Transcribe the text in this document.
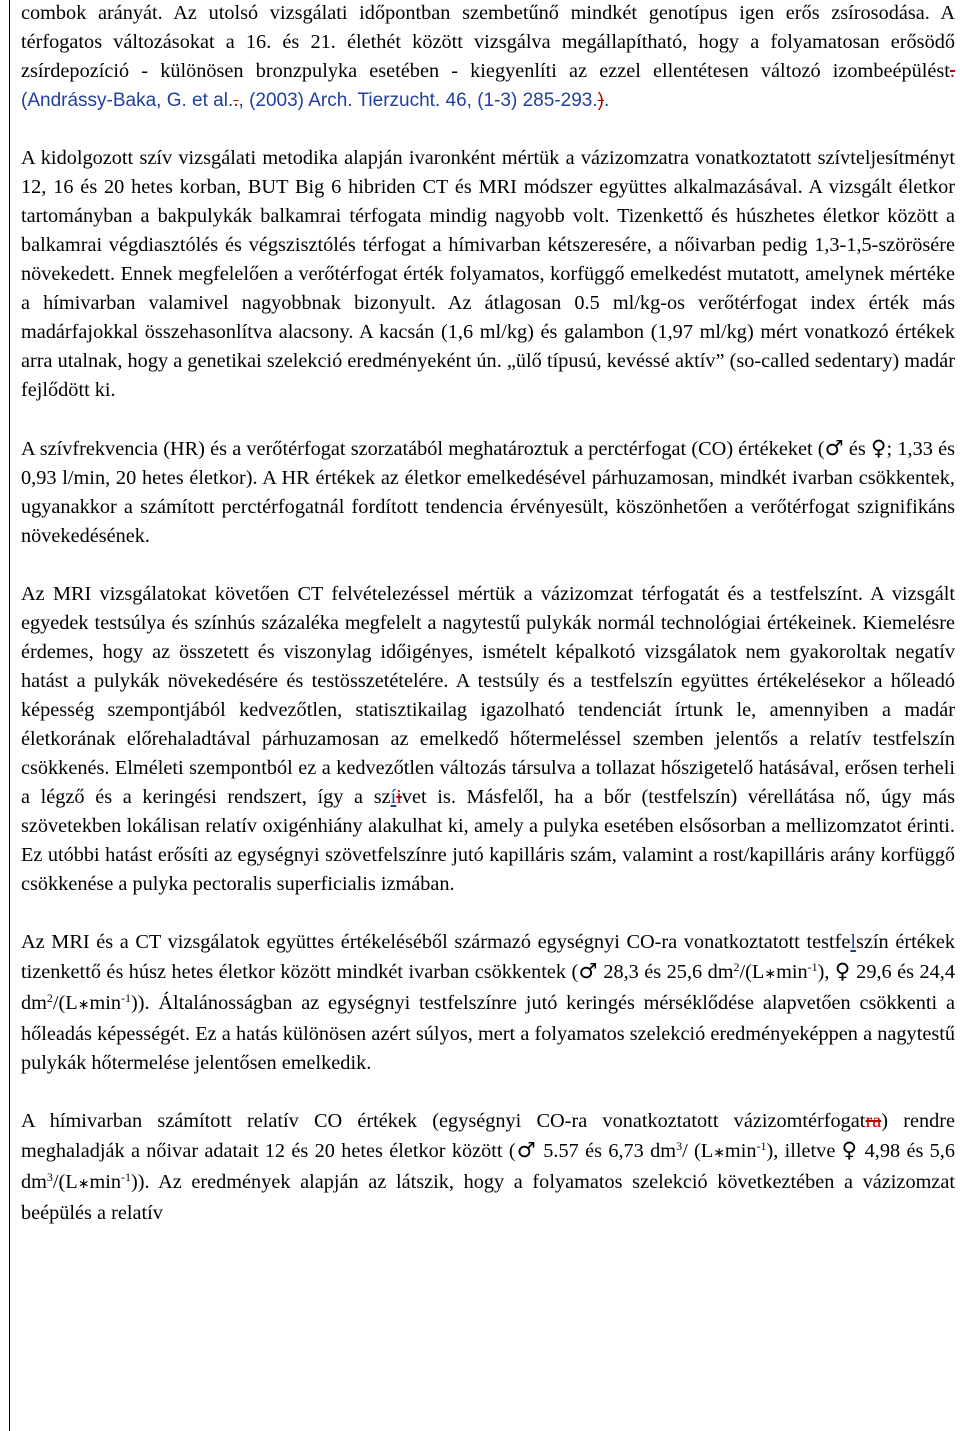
combok arányát. Az utolsó vizsgálati időpontban szembetűnő mindkét genotípus igen erős zsírosodása. A térfogatos változásokat a 16. és 21. élethét között vizsgálva megállapítható, hogy a folyamatosan erősödő zsírdepozíció - különösen bronzpulyka esetében - kiegyenlíti az ezzel ellentétesen változó izombeépülést. (Andrássy-Baka, G. et al.., (2003) Arch. Tierzucht. 46, (1-3) 285-293.).

A kidolgozott szív vizsgálati metodika alapján ivaronként mértük a vázizomzatra vonatkoztatott szívteljesítményt 12, 16 és 20 hetes korban, BUT Big 6 hibriden CT és MRI módszer együttes alkalmazásával. A vizsgált életkor tartományban a bakpulykák balkamrai térfogata mindig nagyobb volt. Tizenkettő és húszhetes életkor között a balkamrai végdiasztólés és végszisztólés térfogat a hímivarban kétszeresére, a nőivarban pedig 1,3-1,5-szörösére növekedett. Ennek megfelelően a verőtérfogat érték folyamatos, korfüggő emelkedést mutatott, amelynek mértéke a hímivarban valamivel nagyobbnak bizonyult. Az átlagosan 0.5 ml/kg-os verőtérfogat index érték más madárfajokkal összehasonlítva alacsony. A kacsán (1,6 ml/kg) és galambon (1,97 ml/kg) mért vonatkozó értékek arra utalnak, hogy a genetikai szelekció eredményeként ún. „ülő típusú, kevéssé aktív” (so-called sedentary) madár fejlődött ki.

A szívfrekvencia (HR) és a verőtérfogat szorzatából meghatároztuk a perctérfogat (CO) értékeket (♂ és ♀; 1,33 és 0,93 l/min, 20 hetes életkor). A HR értékek az életkor emelkedésével párhuzamosan, mindkét ivarban csökkentek, ugyanakkor a számított perctérfogatnál fordított tendencia érvényesült, köszönhetően a verőtérfogat szignifikáns növekedésének.

Az MRI vizsgálatokat követően CT felvételezéssel mértük a vázizomzat térfogatát és a testfelszínt. A vizsgált egyedek testsúlya és színhús százaléka megfelelt a nagytestű pulykák normál technológiai értékeinek. Kiemelésre érdemes, hogy az összetett és viszonylag időigényes, ismételt képalkotó vizsgálatok nem gyakoroltak negatív hatást a pulykák növekedésére és testösszetételére. A testsúly és a testfelszín együttes értékelésekor a hőleadó képesség szempontjából kedvezőtlen, statisztikailag igazolható tendenciát írtunk le, amennyiben a madár életkorának előrehaladtával párhuzamosan az emelkedő hőtermeléssel szemben jelentős a relatív testfelszín csökkenés. Elméleti szempontból ez a kedvezőtlen változás társulva a tollazat hőszigetelő hatásával, erősen terheli a légző és a keringési rendszert, így a szíivet is. Másfelől, ha a bőr (testfelszín) vérellátása nő, úgy más szövetekben lokálisan relatív oxigénhiány alakulhat ki, amely a pulyka esetében elsősorban a mellizomzatot érinti. Ez utóbbi hatást erősíti az egységnyi szövetfelszínre jutó kapilláris szám, valamint a rost/kapilláris arány korfüggő csökkenése a pulyka pectoralis superficialis izmában.

Az MRI és a CT vizsgálatok együttes értékeléséből származó egységnyi CO-ra vonatkoztatott testfelszín értékek tizenkettő és húsz hetes életkor között mindkét ivarban csökkentek (♂ 28,3 és 25,6 $dm^2/(L∗\min^{-1})$, ♀ 29,6 és 24,4 $dm^2/(L∗\min^{-1})$). Általánosságban az egységnyi testfelszínre jutó keringés mérséklődése alapvetően csökkenti a hőleadás képességét. Ez a hatás különösen azért súlyos, mert a folyamatos szelekció eredményeképpen a nagytestű pulykák hőtermelése jelentősen emelkedik.

A hímivarban számított relatív CO értékek (egységnyi CO-ra vonatkoztatott vázizomtérfogatra) rendre meghaladják a nőivar adatait 12 és 20 hetes életkor között (♂ 5.57 és 6,73 $dm^3/$ $(L∗\min^{-1})$, illetve ♀ 4,98 és 5,6 $dm^3/(L∗\min^{-1})$). Az eredmények alapján az látszik, hogy a folyamatos szelekció következtében a vázizomzat beépülés a relatív
